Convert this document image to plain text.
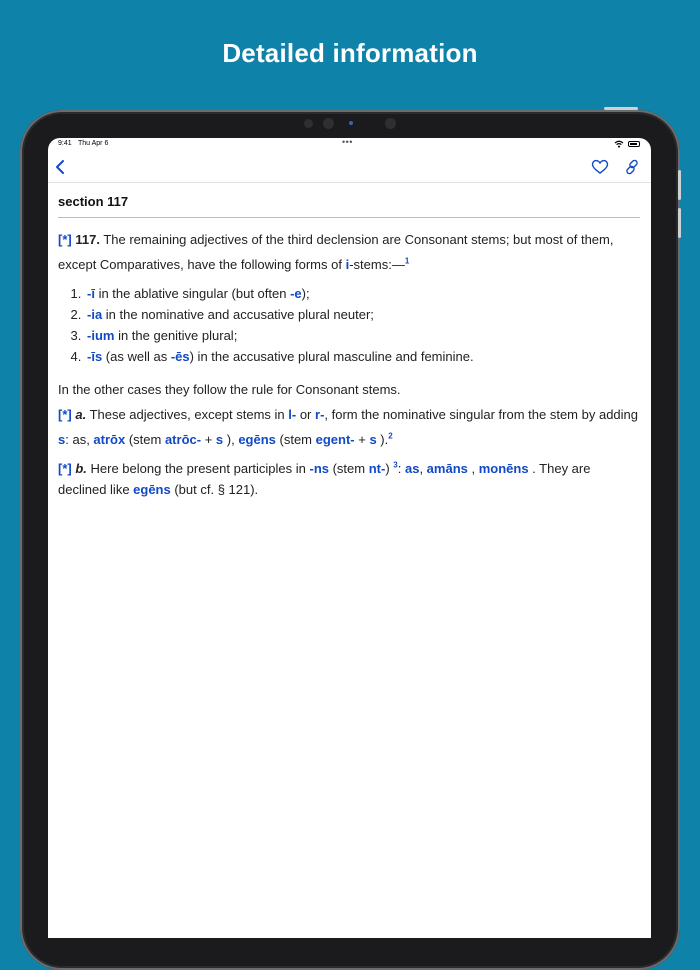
Detailed information
9:41 Thu Apr 6	•••
section 117

[*] 117. The remaining adjectives of the third declension are Consonant stems; but most of them, except Comparatives, have the following forms of i-stems:—$^1$

1. -ī in the ablative singular (but often -e);
2. -ia in the nominative and accusative plural neuter;
3. -ium in the genitive plural;
4. -īs (as well as -ēs) in the accusative plural masculine and feminine.

In the other cases they follow the rule for Consonant stems.

[*] a. These adjectives, except stems in l- or r-, form the nominative singular from the stem by adding s: as, atrōx (stem atrōc- + s ), egēns (stem egent- + s ).$^2$

[*] b. Here belong the present participles in -ns (stem nt-) $^3$: as, amāns , monēns . They are declined like egēns (but cf. § 121).
